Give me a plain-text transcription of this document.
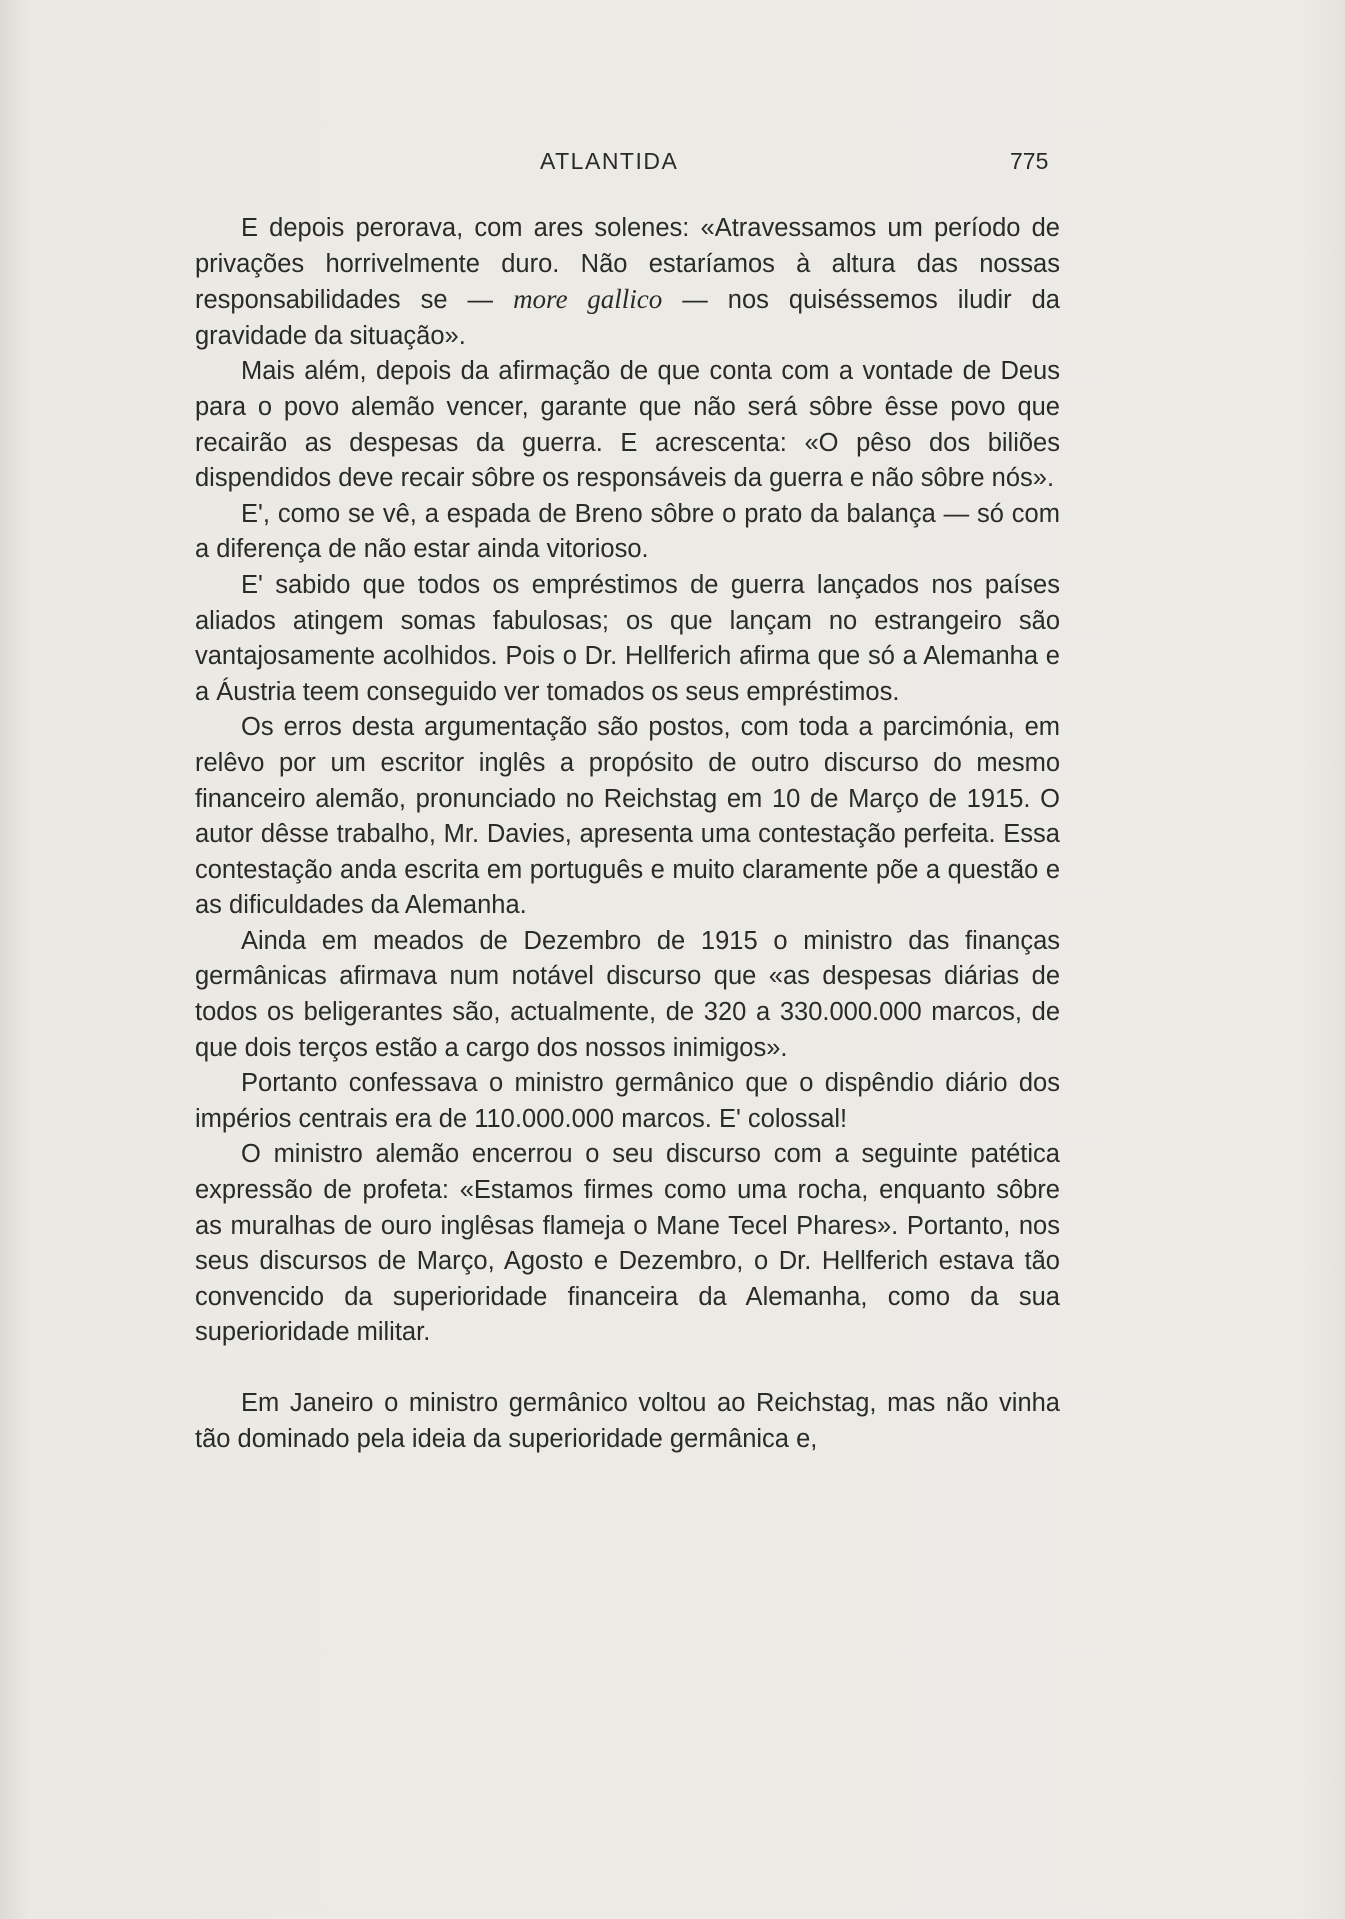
ATLANTIDA	775

E depois perorava, com ares solenes: «Atravessamos um período de privações horrivelmente duro. Não estaríamos à altura das nossas responsabilidades se — more gallico — nos quiséssemos iludir da gravidade da situação».

Mais além, depois da afirmação de que conta com a vontade de Deus para o povo alemão vencer, garante que não será sôbre êsse povo que recairão as despesas da guerra. E acrescenta: «O pêso dos biliões dispendidos deve recair sôbre os responsáveis da guerra e não sôbre nós».

E', como se vê, a espada de Breno sôbre o prato da balança — só com a diferença de não estar ainda vitorioso.

E' sabido que todos os empréstimos de guerra lançados nos países aliados atingem somas fabulosas; os que lançam no estrangeiro são vantajosamente acolhidos. Pois o Dr. Hellferich afirma que só a Alemanha e a Áustria teem conseguido ver tomados os seus empréstimos.

Os erros desta argumentação são postos, com toda a parcimónia, em relêvo por um escritor inglês a propósito de outro discurso do mesmo financeiro alemão, pronunciado no Reichstag em 10 de Março de 1915. O autor dêsse trabalho, Mr. Davies, apresenta uma contestação perfeita. Essa contestação anda escrita em português e muito claramente põe a questão e as dificuldades da Alemanha.

Ainda em meados de Dezembro de 1915 o ministro das finanças germânicas afirmava num notável discurso que «as despesas diárias de todos os beligerantes são, actualmente, de 320 a 330.000.000 marcos, de que dois terços estão a cargo dos nossos inimigos».

Portanto confessava o ministro germânico que o dispêndio diário dos impérios centrais era de 110.000.000 marcos. E' colossal!

O ministro alemão encerrou o seu discurso com a seguinte patética expressão de profeta: «Estamos firmes como uma rocha, enquanto sôbre as muralhas de ouro inglêsas flameja o Mane Tecel Phares». Portanto, nos seus discursos de Março, Agosto e Dezembro, o Dr. Hellferich estava tão convencido da superioridade financeira da Alemanha, como da sua superioridade militar.

Em Janeiro o ministro germânico voltou ao Reichstag, mas não vinha tão dominado pela ideia da superioridade germânica e,
